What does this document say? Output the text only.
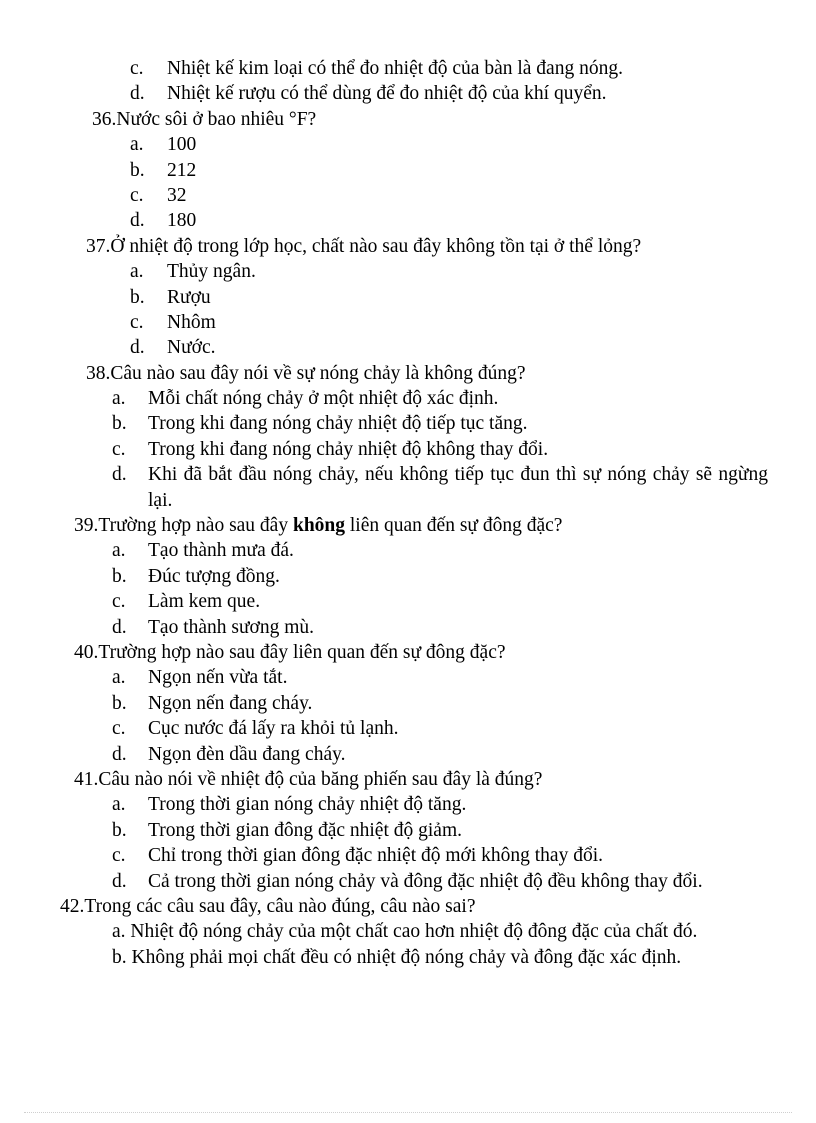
c. Nhiệt kế kim loại có thể đo nhiệt độ của bàn là đang nóng.
d. Nhiệt kế rượu có thể dùng để đo nhiệt độ của khí quyển.
36.Nước sôi ở bao nhiêu °F?
a. 100
b. 212
c. 32
d. 180
37.Ở nhiệt độ trong lớp học, chất nào sau đây không tồn tại ở thể lỏng?
a. Thủy ngân.
b. Rượu
c. Nhôm
d. Nước.
38.Câu nào sau đây nói về sự nóng chảy là không đúng?
a. Mỗi chất nóng chảy ở một nhiệt độ xác định.
b. Trong khi đang nóng chảy nhiệt độ tiếp tục tăng.
c. Trong khi đang nóng chảy nhiệt độ không thay đổi.
d. Khi đã bắt đầu nóng chảy, nếu không tiếp tục đun thì sự nóng chảy sẽ ngừng lại.
39.Trường hợp nào sau đây không liên quan đến sự đông đặc?
a. Tạo thành mưa đá.
b. Đúc tượng đồng.
c. Làm kem que.
d. Tạo thành sương mù.
40.Trường hợp nào sau đây liên quan đến sự đông đặc?
a. Ngọn nến vừa tắt.
b. Ngọn nến đang cháy.
c. Cục nước đá lấy ra khỏi tủ lạnh.
d. Ngọn đèn dầu đang cháy.
41.Câu nào nói về nhiệt độ của băng phiến sau đây là đúng?
a. Trong thời gian nóng chảy nhiệt độ tăng.
b. Trong thời gian đông đặc nhiệt độ giảm.
c. Chỉ trong thời gian đông đặc nhiệt độ mới không thay đổi.
d. Cả trong thời gian nóng chảy và đông đặc nhiệt độ đều không thay đổi.
42.Trong các câu sau đây, câu nào đúng, câu nào sai?
a. Nhiệt độ nóng chảy của một chất cao hơn nhiệt độ đông đặc của chất đó.
b. Không phải mọi chất đều có nhiệt độ nóng chảy và đông đặc xác định.
